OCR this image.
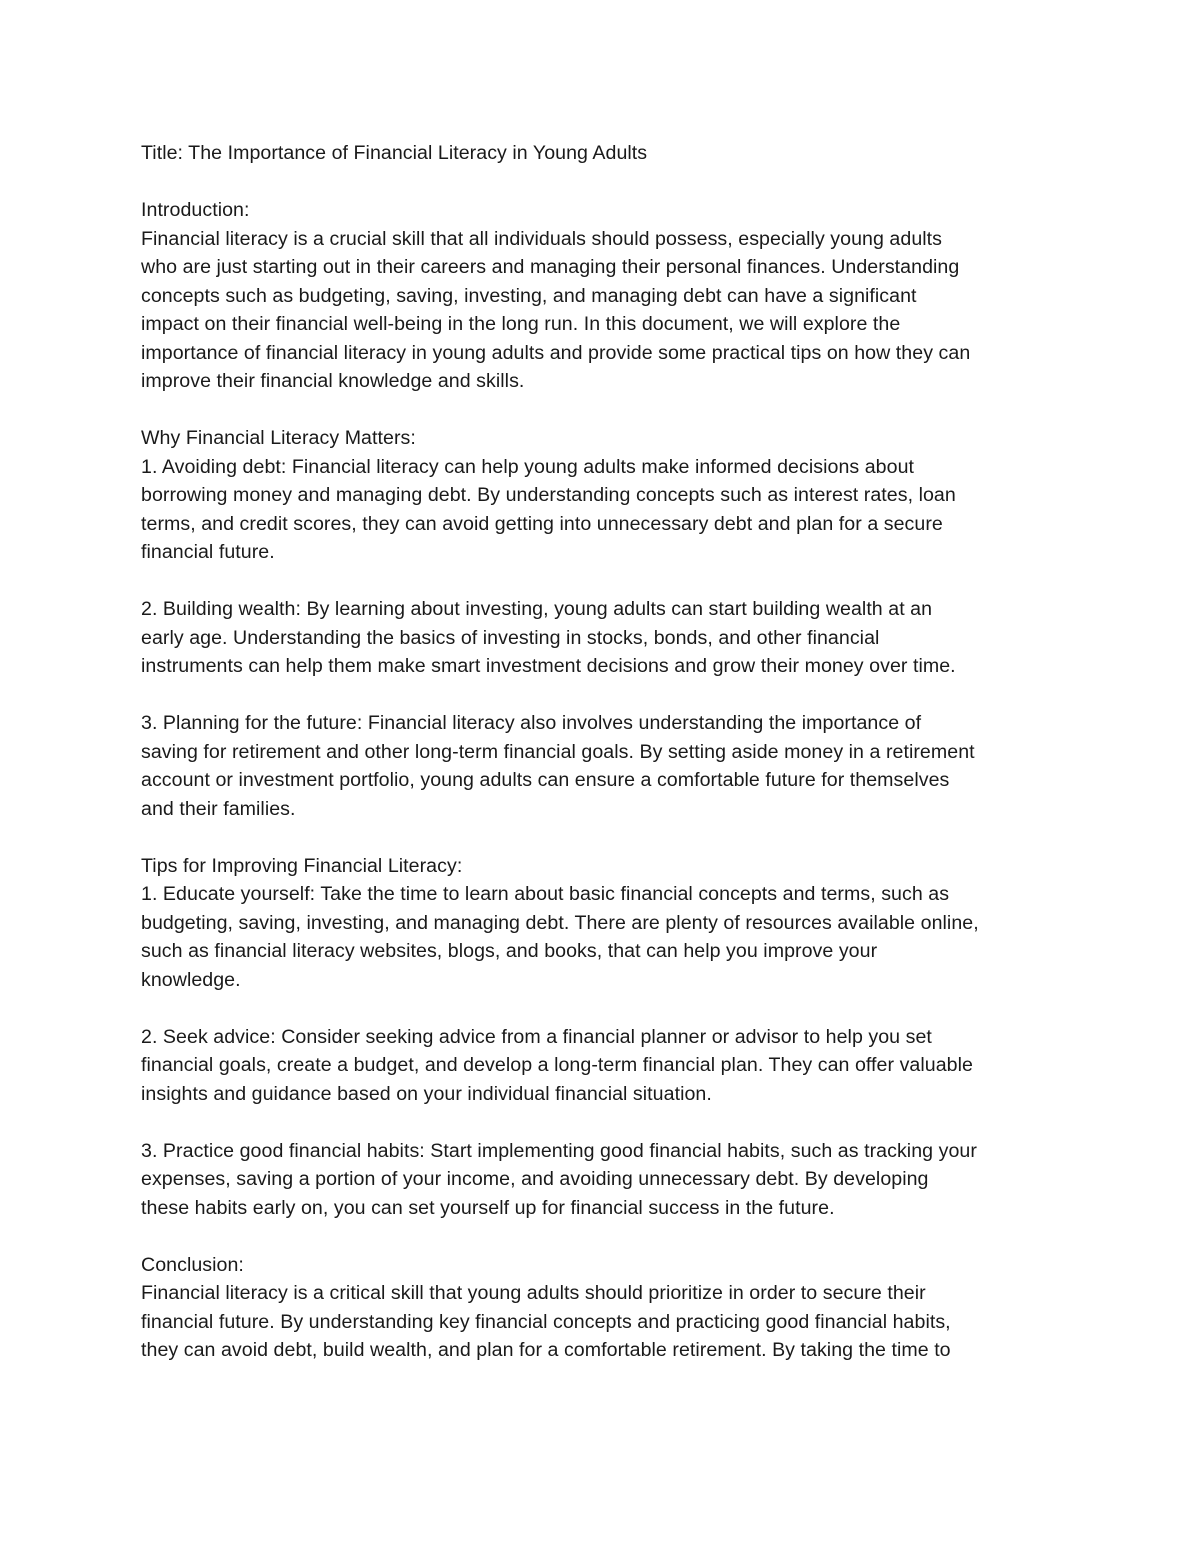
Title: The Importance of Financial Literacy in Young Adults
Introduction:
Financial literacy is a crucial skill that all individuals should possess, especially young adults
who are just starting out in their careers and managing their personal finances. Understanding
concepts such as budgeting, saving, investing, and managing debt can have a significant
impact on their financial well-being in the long run. In this document, we will explore the
importance of financial literacy in young adults and provide some practical tips on how they can
improve their financial knowledge and skills.
Why Financial Literacy Matters:
1. Avoiding debt: Financial literacy can help young adults make informed decisions about
borrowing money and managing debt. By understanding concepts such as interest rates, loan
terms, and credit scores, they can avoid getting into unnecessary debt and plan for a secure
financial future.
2. Building wealth: By learning about investing, young adults can start building wealth at an
early age. Understanding the basics of investing in stocks, bonds, and other financial
instruments can help them make smart investment decisions and grow their money over time.
3. Planning for the future: Financial literacy also involves understanding the importance of
saving for retirement and other long-term financial goals. By setting aside money in a retirement
account or investment portfolio, young adults can ensure a comfortable future for themselves
and their families.
Tips for Improving Financial Literacy:
1. Educate yourself: Take the time to learn about basic financial concepts and terms, such as
budgeting, saving, investing, and managing debt. There are plenty of resources available online,
such as financial literacy websites, blogs, and books, that can help you improve your
knowledge.
2. Seek advice: Consider seeking advice from a financial planner or advisor to help you set
financial goals, create a budget, and develop a long-term financial plan. They can offer valuable
insights and guidance based on your individual financial situation.
3. Practice good financial habits: Start implementing good financial habits, such as tracking your
expenses, saving a portion of your income, and avoiding unnecessary debt. By developing
these habits early on, you can set yourself up for financial success in the future.
Conclusion:
Financial literacy is a critical skill that young adults should prioritize in order to secure their
financial future. By understanding key financial concepts and practicing good financial habits,
they can avoid debt, build wealth, and plan for a comfortable retirement. By taking the time to
